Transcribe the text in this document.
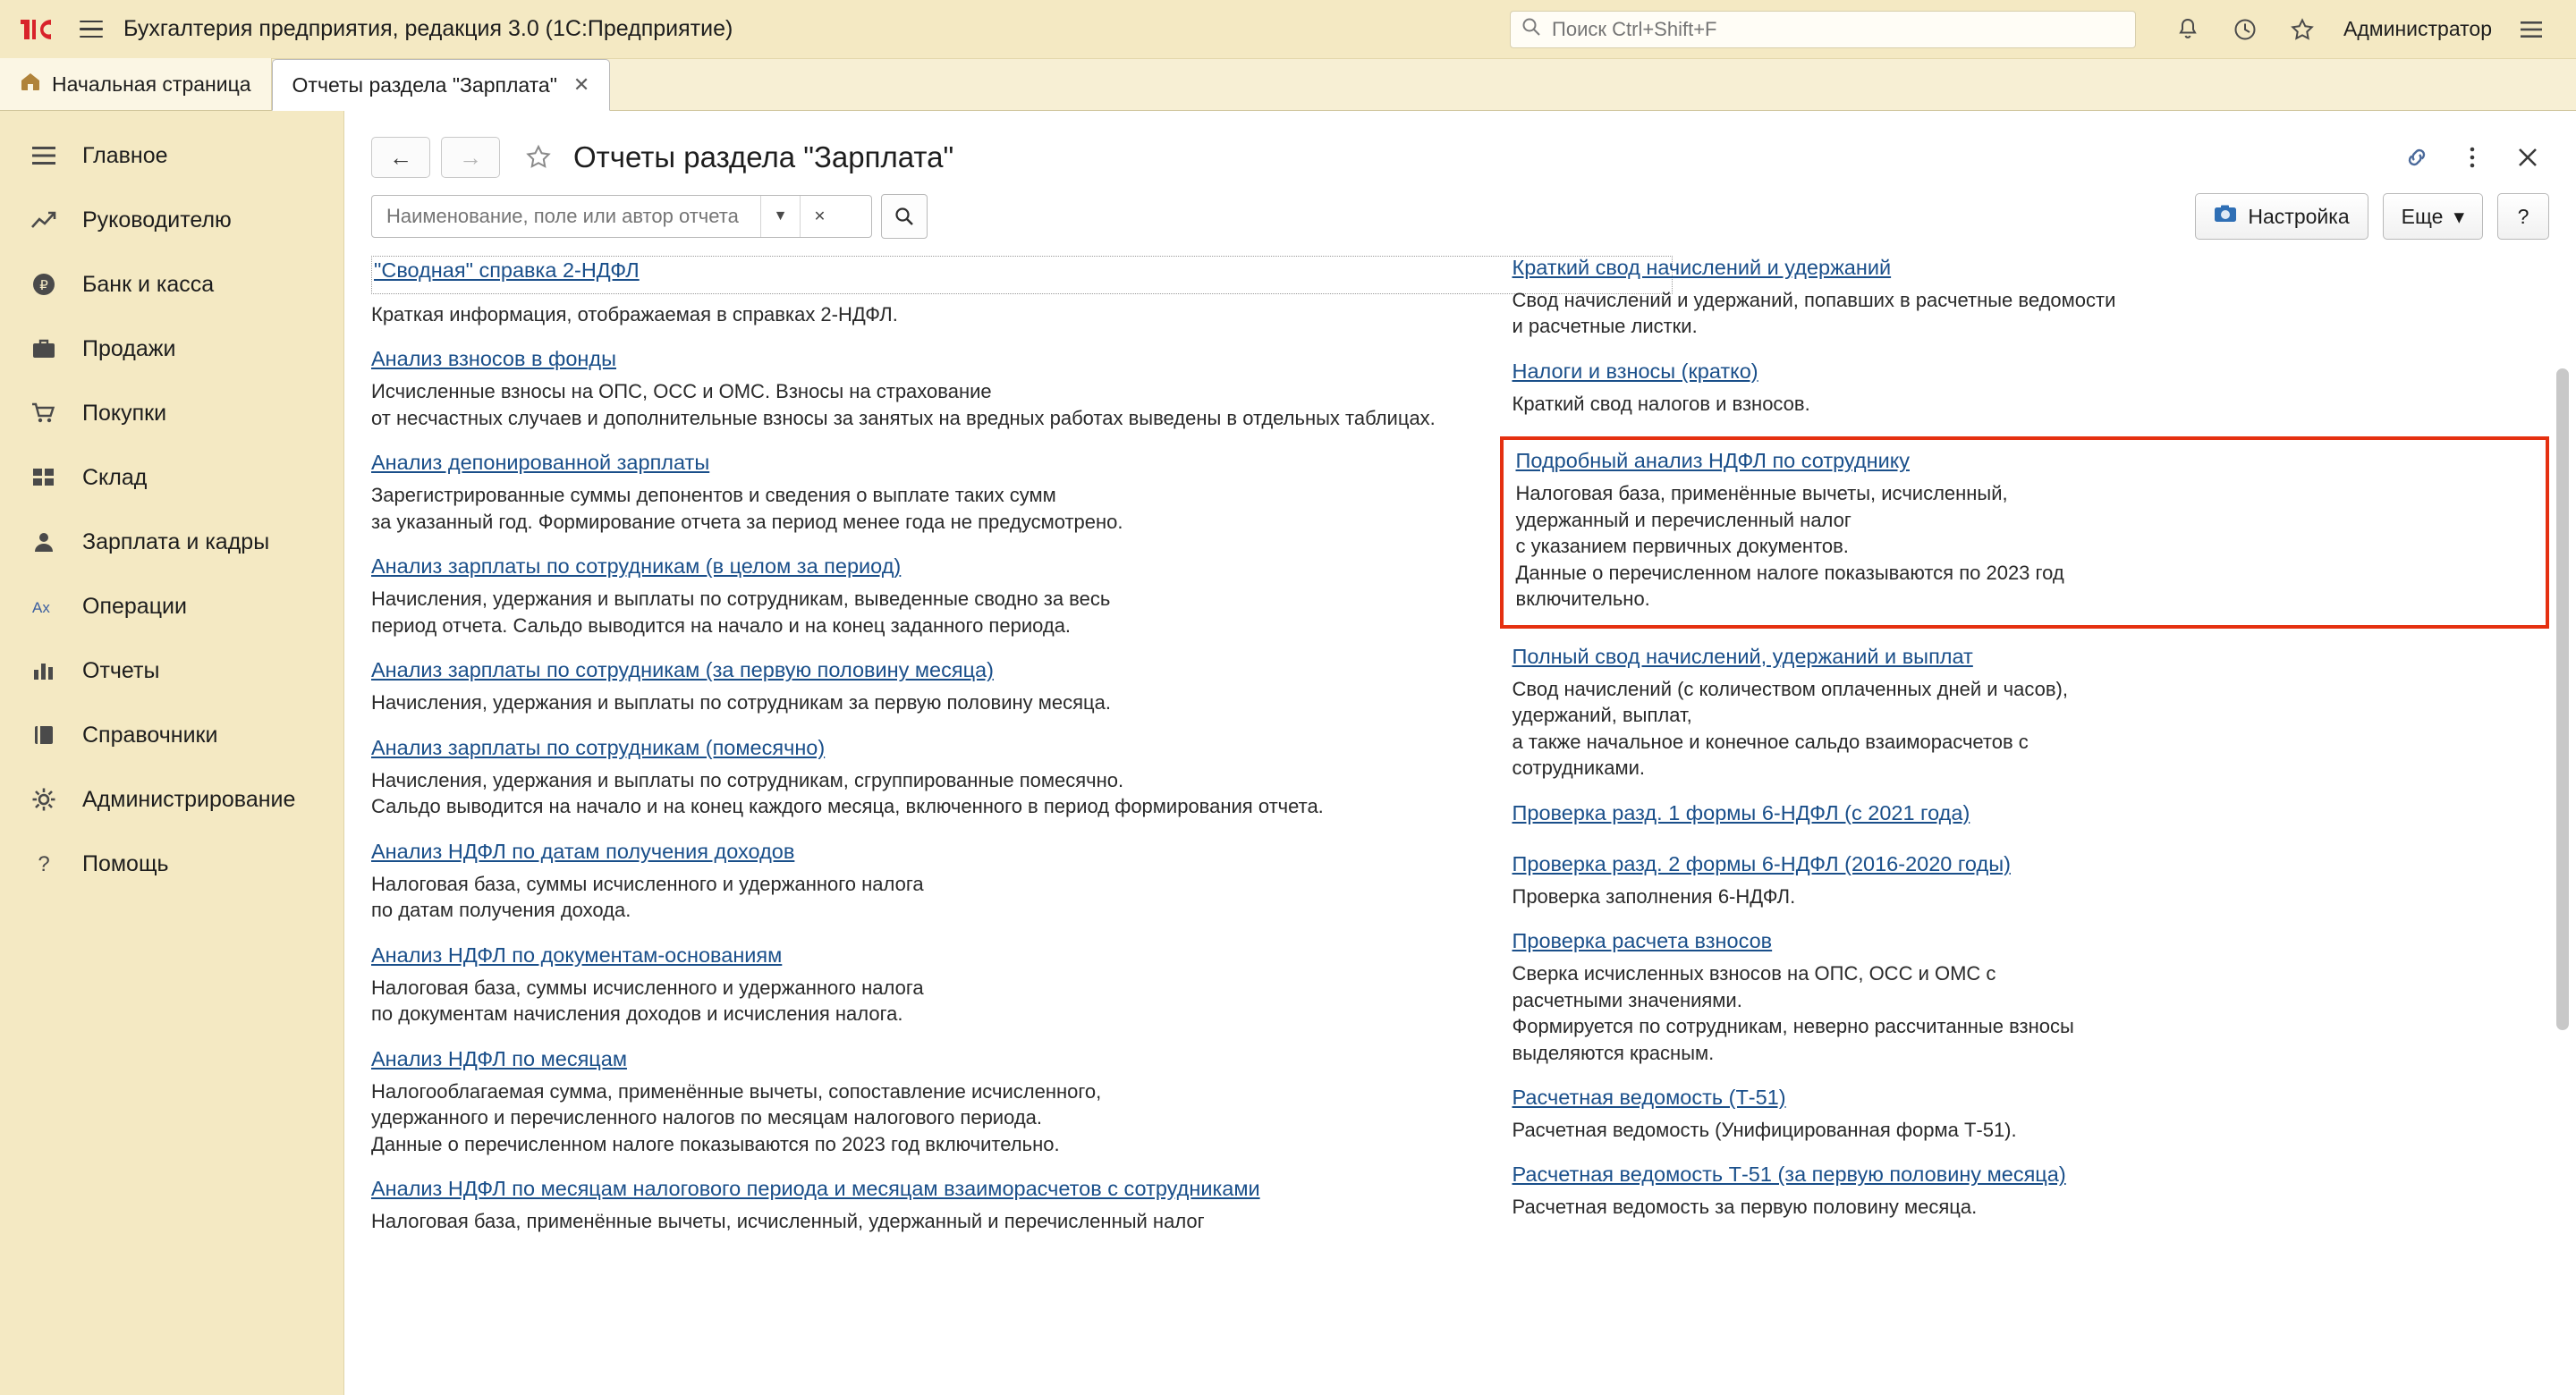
Бухгалтерия предприятия, редакция 3.0 (1С:Предприятие)
Поиск Ctrl+Shift+F	Администратор
Начальная страница Отчеты раздела "Зарплата" ✕
Главное
Руководителю
₽ Банк и касса
Продажи
Покупки
Склад
Зарплата и кадры
Ax Операции
Отчеты
Справочники
Администрирование
? Помощь
←	→	Отчеты раздела "Зарплата"
Наименование, поле или автор отчета
▼	✕	Настройка	Еще ▾	?
"Сводная" справка 2-НДФЛ
Краткая информация, отображаемая в справках 2-НДФЛ.
Анализ взносов в фонды
Исчисленные взносы на ОПС, ОСС и ОМС. Взносы на страхование
от несчастных случаев и дополнительные взносы за занятых на вредных работах выведены в отдельных таблицах.
Анализ депонированной зарплаты
Зарегистрированные суммы депонентов и сведения о выплате таких сумм
за указанный год. Формирование отчета за период менее года не предусмотрено.
Анализ зарплаты по сотрудникам (в целом за период)
Начисления, удержания и выплаты по сотрудникам, выведенные сводно за весь
период отчета. Сальдо выводится на начало и на конец заданного периода.
Анализ зарплаты по сотрудникам (за первую половину месяца)
Начисления, удержания и выплаты по сотрудникам за первую половину месяца.
Анализ зарплаты по сотрудникам (помесячно)
Начисления, удержания и выплаты по сотрудникам, сгруппированные помесячно.
Сальдо выводится на начало и на конец каждого месяца, включенного в период формирования отчета.
Анализ НДФЛ по датам получения доходов
Налоговая база, суммы исчисленного и удержанного налога
по датам получения дохода.
Анализ НДФЛ по документам-основаниям
Налоговая база, суммы исчисленного и удержанного налога
по документам начисления доходов и исчисления налога.
Анализ НДФЛ по месяцам
Налогооблагаемая сумма, применённые вычеты, сопоставление исчисленного,
удержанного и перечисленного налогов по месяцам налогового периода.
Данные о перечисленном налоге показываются по 2023 год включительно.
Анализ НДФЛ по месяцам налогового периода и месяцам взаиморасчетов с сотрудниками
Налоговая база, применённые вычеты, исчисленный, удержанный и перечисленный налог
Краткий свод начислений и удержаний
Свод начислений и удержаний, попавших в расчетные ведомости
и расчетные листки.
Налоги и взносы (кратко)
Краткий свод налогов и взносов.
Подробный анализ НДФЛ по сотруднику
Налоговая база, применённые вычеты, исчисленный,
удержанный и перечисленный налог
с указанием первичных документов.
Данные о перечисленном налоге показываются по 2023 год
включительно.
Полный свод начислений, удержаний и выплат
Свод начислений (с количеством оплаченных дней и часов),
удержаний, выплат,
а также начальное и конечное сальдо взаиморасчетов с
сотрудниками.
Проверка разд. 1 формы 6-НДФЛ (с 2021 года)
Проверка разд. 2 формы 6-НДФЛ (2016-2020 годы)
Проверка заполнения 6-НДФЛ.
Проверка расчета взносов
Сверка исчисленных взносов на ОПС, ОСС и ОМС с
расчетными значениями.
Формируется по сотрудникам, неверно рассчитанные взносы
выделяются красным.
Расчетная ведомость (Т-51)
Расчетная ведомость (Унифицированная форма Т-51).
Расчетная ведомость Т-51 (за первую половину месяца)
Расчетная ведомость за первую половину месяца.
